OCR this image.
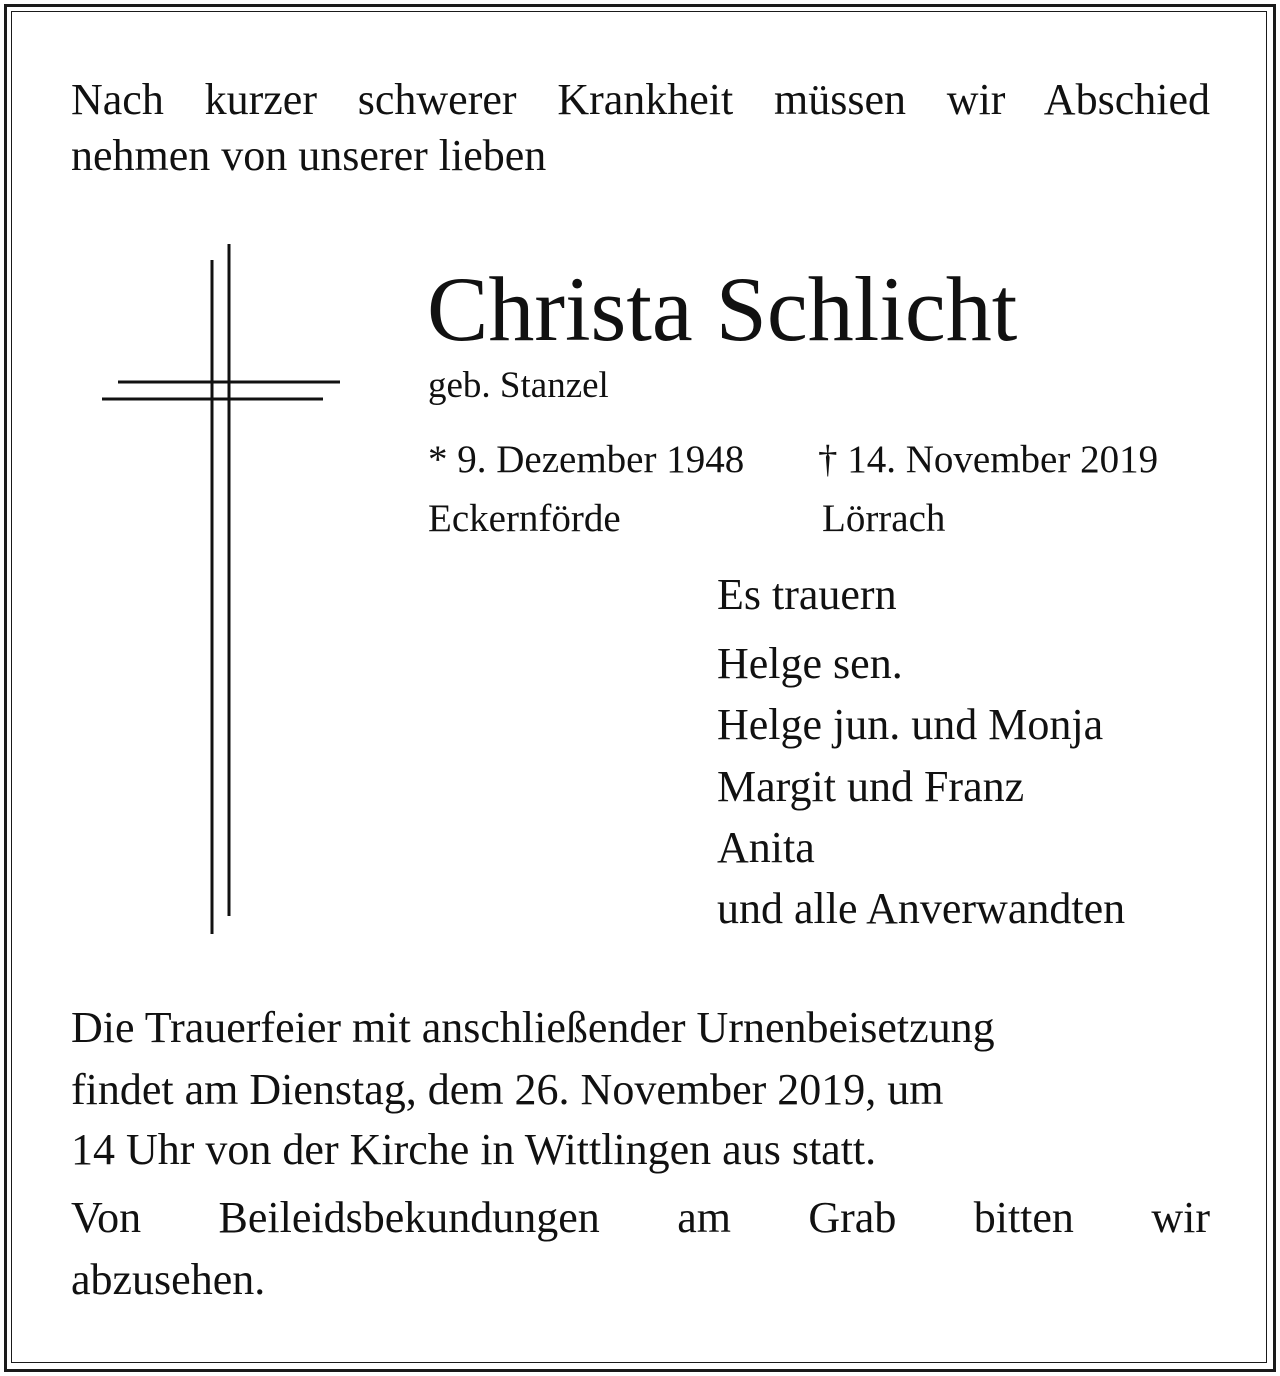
Nach kurzer schwerer Krankheit müssen wir Abschied

nehmen von unserer lieben

Christa Schlicht

geb. Stanzel

* 9. Dezember 1948 † 14. November 2019

Eckernförde	Lörrach

Es trauern

Helge sen.

Helge jun. und Monja

Margit und Franz

Anita

und alle Anverwandten

Die Trauerfeier mit anschließender Urnenbeisetzung

findet am Dienstag, dem 26. November 2019, um

14 Uhr von der Kirche in Wittlingen aus statt.

Von Beileidsbekundungen am Grab bitten wir

abzusehen.
